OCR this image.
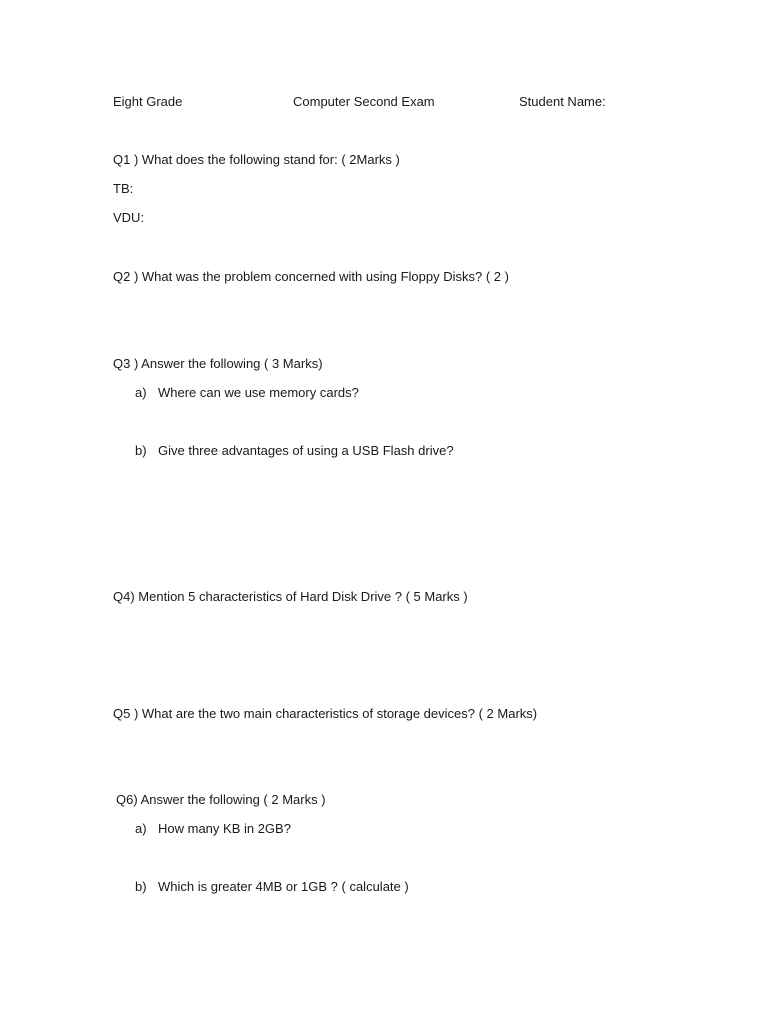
Eight Grade	Computer Second Exam	Student Name:
Q1 ) What does the following stand for: ( 2Marks )
TB:
VDU:
Q2 ) What was the problem concerned with using Floppy Disks? ( 2 )
Q3 ) Answer the following ( 3 Marks)
a) Where can we use memory cards?
b) Give three advantages of using a USB Flash drive?
Q4) Mention 5 characteristics of Hard Disk Drive ? ( 5 Marks )
Q5 ) What are the two main characteristics of storage devices? ( 2 Marks)
Q6) Answer the following ( 2 Marks )
a) How many KB in 2GB?
b) Which is greater 4MB or 1GB ? ( calculate )
